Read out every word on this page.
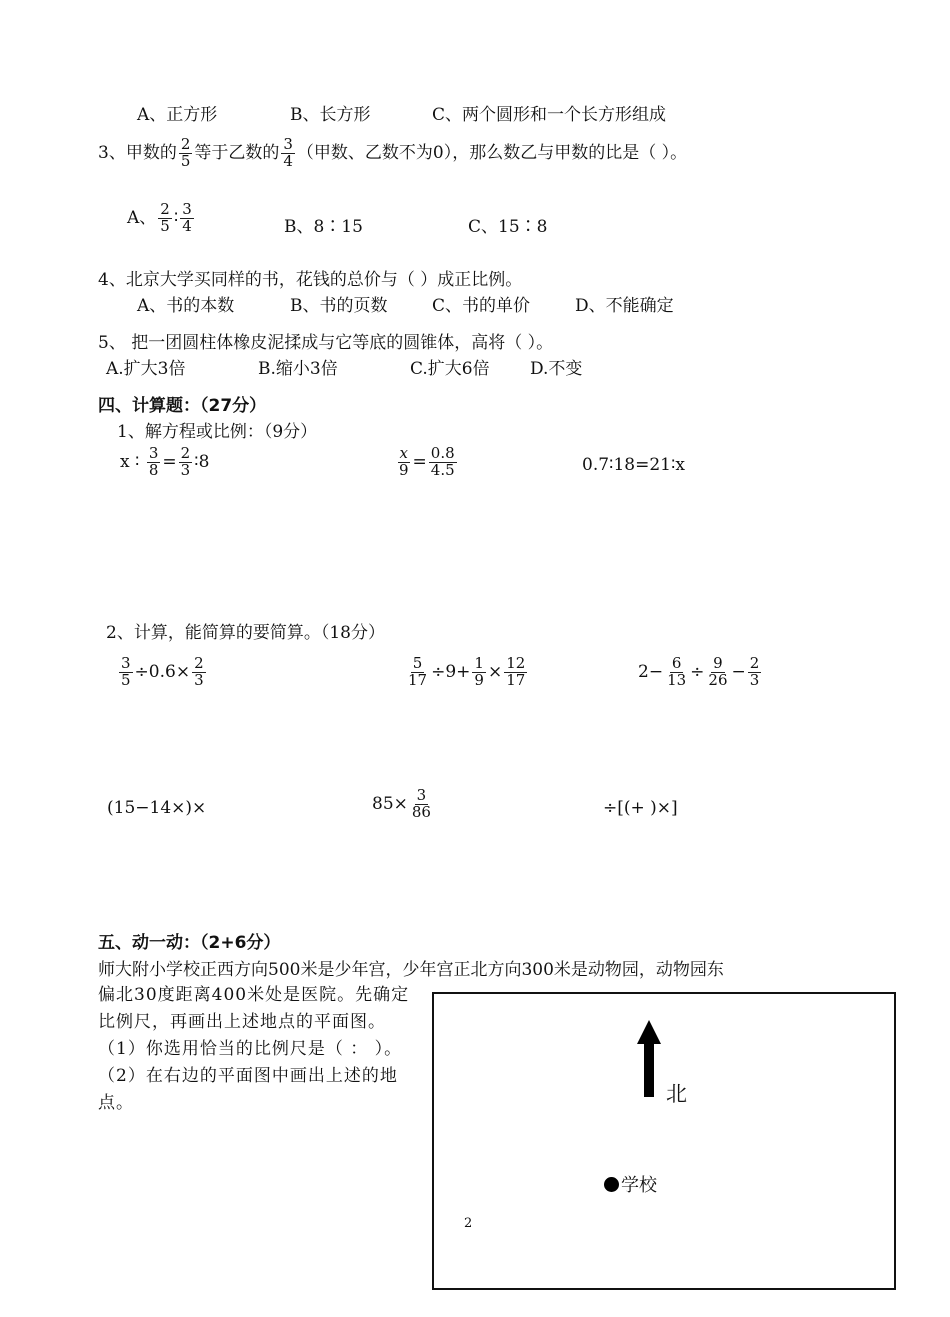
A、正方形	B、长方形	C、两个圆形和一个长方形组成
3、甲数的 $\frac{2}{5}$ 等于乙数的 $\frac{3}{4}$ （甲数、乙数不为0），那么数乙与甲数的比是（ ）。
A、 $\frac{2}{5}$ ∶ $\frac{3}{4}$	B、8∶15	C、15∶8
4、北京大学买同样的书，花钱的总价与（ ）成正比例。
A、书的本数	B、书的页数	C、书的单价	D、不能确定
5、 把一团圆柱体橡皮泥揉成与它等底的圆锥体，高将（ ）。
A.扩大3倍	B.缩小3倍	C.扩大6倍 D.不变
四、计算题：（27分）
1、解方程或比例：（9分）
x ∶ $\frac{3}{8} = \frac{2}{3}$ ∶8	$\frac{x}{9} = \frac{0.8}{4.5}$	0.7∶18=21∶x
2、计算，能简算的要简算。（18分）
$\frac{3}{5} \div 0.6\times \frac{2}{3}$	$\frac{5}{17} \div 9+ \frac{1}{9} \times \frac{12}{17}$	$2- \frac{6}{13} \div \frac{9}{26} - \frac{2}{3}$
(15−14×)×	$85\times \frac{3}{86}$	÷[(+ )×]
五、动一动：（2+6分）
师大附小学校正西方向500米是少年宫，少年宫正北方向300米是动物园，动物园东
偏北30度距离400米处是医院。先确定比例尺，再画出上述地点的平面图。
（1）你选用恰当的比例尺是（ ： ）。
（2）在右边的平面图中画出上述的地点。	北
学校
2
